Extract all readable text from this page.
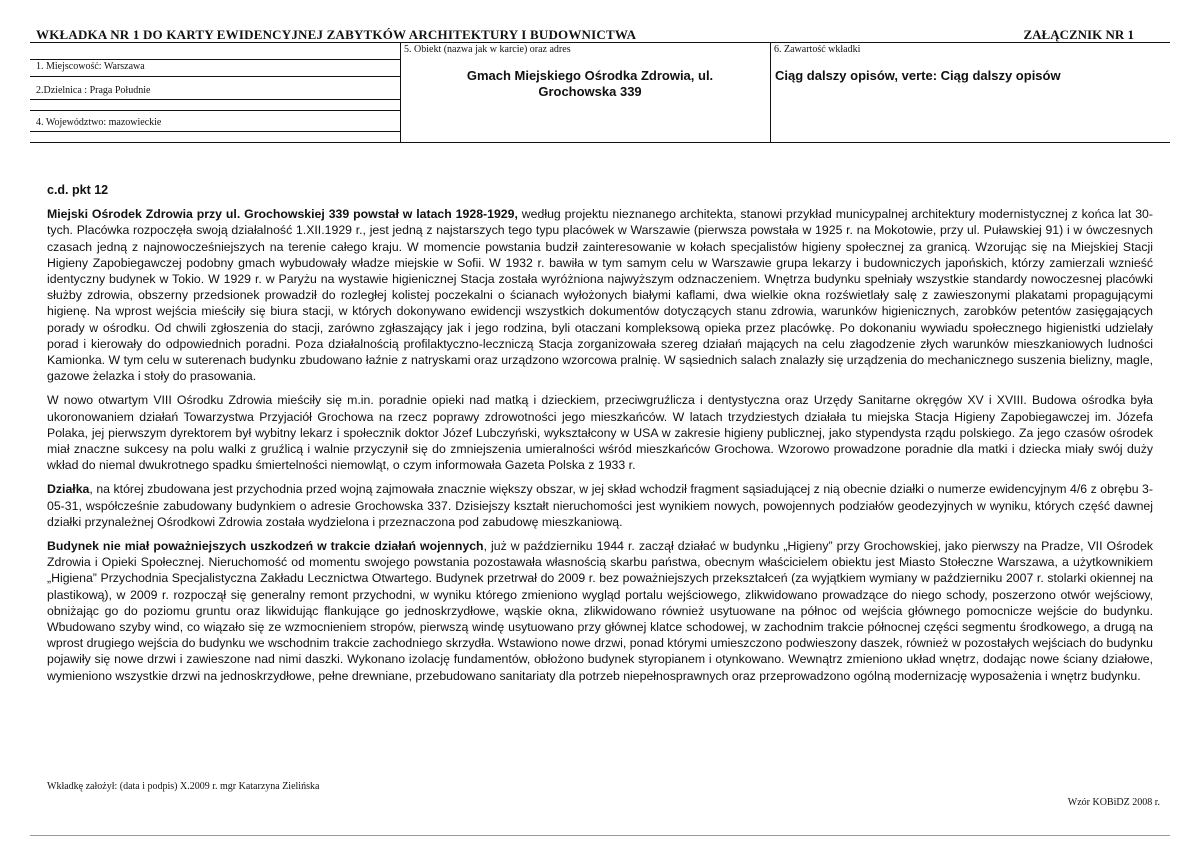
WKŁADKA NR 1 DO KARTY EWIDENCYJNEJ ZABYTKÓW ARCHITEKTURY I BUDOWNICTWA	ZAŁĄCZNIK NR 1
1. Miejscowość: Warszawa
2.Dzielnica : Praga Południe
4. Województwo: mazowieckie
5. Obiekt (nazwa jak w karcie) oraz adres
Gmach Miejskiego Ośrodka Zdrowia, ul.
Grochowska 339
6. Zawartość wkładki
Ciąg dalszy opisów, verte: Ciąg dalszy opisów
c.d. pkt 12

Miejski Ośrodek Zdrowia przy ul. Grochowskiej 339 powstał w latach 1928-1929, według projektu nieznanego architekta, stanowi przykład municypalnej architektury modernistycznej z końca lat 30-tych. Placówka rozpoczęła swoją działalność 1.XII.1929 r., jest jedną z najstarszych tego typu placówek w Warszawie (pierwsza powstała w 1925 r. na Mokotowie, przy ul. Puławskiej 91) i w ówczesnych czasach jedną z najnowocześniejszych na terenie całego kraju. W momencie powstania budził zainteresowanie w kołach specjalistów higieny społecznej za granicą. Wzorując się na Miejskiej Stacji Higieny Zapobiegawczej podobny gmach wybudowały władze miejskie w Sofii. W 1932 r. bawiła w tym samym celu w Warszawie grupa lekarzy i budowniczych japońskich, którzy zamierzali wznieść identyczny budynek w Tokio. W 1929 r. w Paryżu na wystawie higienicznej Stacja została wyróżniona najwyższym odznaczeniem. Wnętrza budynku spełniały wszystkie standardy nowoczesnej placówki służby zdrowia, obszerny przedsionek prowadził do rozległej kolistej poczekalni o ścianach wyłożonych białymi kaflami, dwa wielkie okna rozświetlały salę z zawieszonymi plakatami propagującymi higienę. Na wprost wejścia mieściły się biura stacji, w których dokonywano ewidencji wszystkich dokumentów dotyczących stanu zdrowia, warunków higienicznych, zarobków petentów zasięgających porady w ośrodku. Od chwili zgłoszenia do stacji, zarówno zgłaszający jak i jego rodzina, byli otaczani kompleksową opieka przez placówkę. Po dokonaniu wywiadu społecznego higienistki udzielały porad i kierowały do odpowiednich poradni. Poza działalnością profilaktyczno-leczniczą Stacja zorganizowała szereg działań mających na celu złagodzenie złych warunków mieszkaniowych ludności Kamionka. W tym celu w suterenach budynku zbudowano łaźnie z natryskami oraz urządzono wzorcowa pralnię. W sąsiednich salach znalazły się urządzenia do mechanicznego suszenia bielizny, magle, gazowe żelazka i stoły do prasowania.

W nowo otwartym VIII Ośrodku Zdrowia mieściły się m.in. poradnie opieki nad matką i dzieckiem, przeciwgruźlicza i dentystyczna oraz Urzędy Sanitarne okręgów XV i XVIII. Budowa ośrodka była ukoronowaniem działań Towarzystwa Przyjaciół Grochowa na rzecz poprawy zdrowotności jego mieszkańców. W latach trzydziestych działała tu miejska Stacja Higieny Zapobiegawczej im. Józefa Polaka, jej pierwszym dyrektorem był wybitny lekarz i społecznik doktor Józef Lubczyński, wykształcony w USA w zakresie higieny publicznej, jako stypendysta rządu polskiego. Za jego czasów ośrodek miał znaczne sukcesy na polu walki z gruźlicą i walnie przyczynił się do zmniejszenia umieralności wśród mieszkańców Grochowa. Wzorowo prowadzone poradnie dla matki i dziecka miały swój duży wkład do niemal dwukrotnego spadku śmiertelności niemowląt, o czym informowała Gazeta Polska z 1933 r.

Działka, na której zbudowana jest przychodnia przed wojną zajmowała znacznie większy obszar, w jej skład wchodził fragment sąsiadującej z nią obecnie działki o numerze ewidencyjnym 4/6 z obrębu 3-05-31, współcześnie zabudowany budynkiem o adresie Grochowska 337. Dzisiejszy kształt nieruchomości jest wynikiem nowych, powojennych podziałów geodezyjnych w wyniku, których część dawnej działki przynależnej Ośrodkowi Zdrowia została wydzielona i przeznaczona pod zabudowę mieszkaniową.

Budynek nie miał poważniejszych uszkodzeń w trakcie działań wojennych, już w październiku 1944 r. zaczął działać w budynku „Higieny” przy Grochowskiej, jako pierwszy na Pradze, VII Ośrodek Zdrowia i Opieki Społecznej. Nieruchomość od momentu swojego powstania pozostawała własnością skarbu państwa, obecnym właścicielem obiektu jest Miasto Stołeczne Warszawa, a użytkownikiem „Higiena” Przychodnia Specjalistyczna Zakładu Lecznictwa Otwartego. Budynek przetrwał do 2009 r. bez poważniejszych przekształceń (za wyjątkiem wymiany w październiku 2007 r. stolarki okiennej na plastikową), w 2009 r. rozpoczął się generalny remont przychodni, w wyniku którego zmieniono wygląd portalu wejściowego, zlikwidowano prowadzące do niego schody, poszerzono otwór wejściowy, obniżając go do poziomu gruntu oraz likwidując flankujące go jednoskrzydłowe, wąskie okna, zlikwidowano również usytuowane na północ od wejścia głównego pomocnicze wejście do budynku. Wbudowano szyby wind, co wiązało się ze wzmocnieniem stropów, pierwszą windę usytuowano przy głównej klatce schodowej, w zachodnim trakcie północnej części segmentu środkowego, a drugą na wprost drugiego wejścia do budynku we wschodnim trakcie zachodniego skrzydła. Wstawiono nowe drzwi, ponad którymi umieszczono podwieszony daszek, również w pozostałych wejściach do budynku pojawiły się nowe drzwi i zawieszone nad nimi daszki. Wykonano izolację fundamentów, obłożono budynek styropianem i otynkowano. Wewnątrz zmieniono układ wnętrz, dodając nowe ściany działowe, wymieniono wszystkie drzwi na jednoskrzydłowe, pełne drewniane, przebudowano sanitariaty dla potrzeb niepełnosprawnych oraz przeprowadzono ogólną modernizację wyposażenia i wnętrz budynku.

Wkładkę założył: (data i podpis) X.2009 r. mgr Katarzyna Zielińska
Wzór KOBiDZ 2008 r.
